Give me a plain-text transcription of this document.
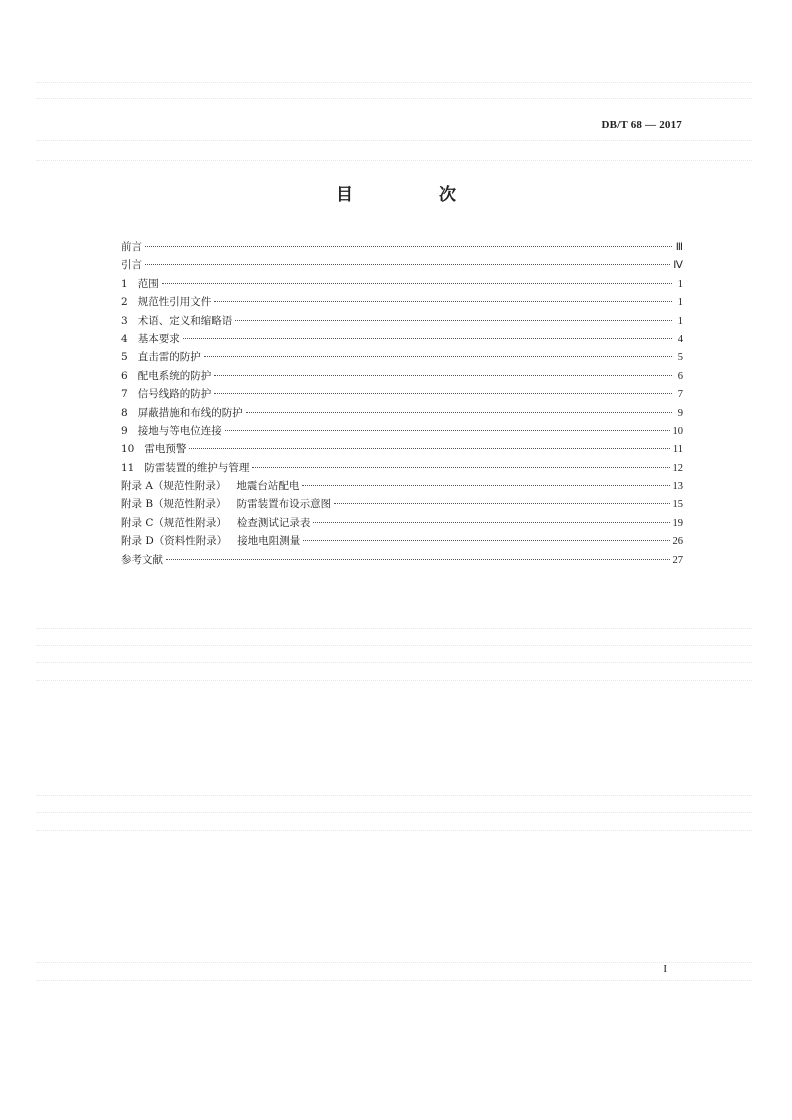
DB/T 68 — 2017
目 次
前言	Ⅲ
引言	Ⅳ
1   范围	1
2   规范性引用文件	1
3   术语、定义和缩略语	1
4   基本要求	4
5   直击雷的防护	5
6   配电系统的防护	6
7   信号线路的防护	7
8   屏蔽措施和布线的防护	9
9   接地与等电位连接	10
10   雷电预警	11
11   防雷装置的维护与管理	12
附录 A（规范性附录）   地震台站配电	13
附录 B（规范性附录）   防雷装置布设示意图	15
附录 C（规范性附录）   检查测试记录表	19
附录 D（资料性附录）   接地电阻测量	26
参考文献	27
I
